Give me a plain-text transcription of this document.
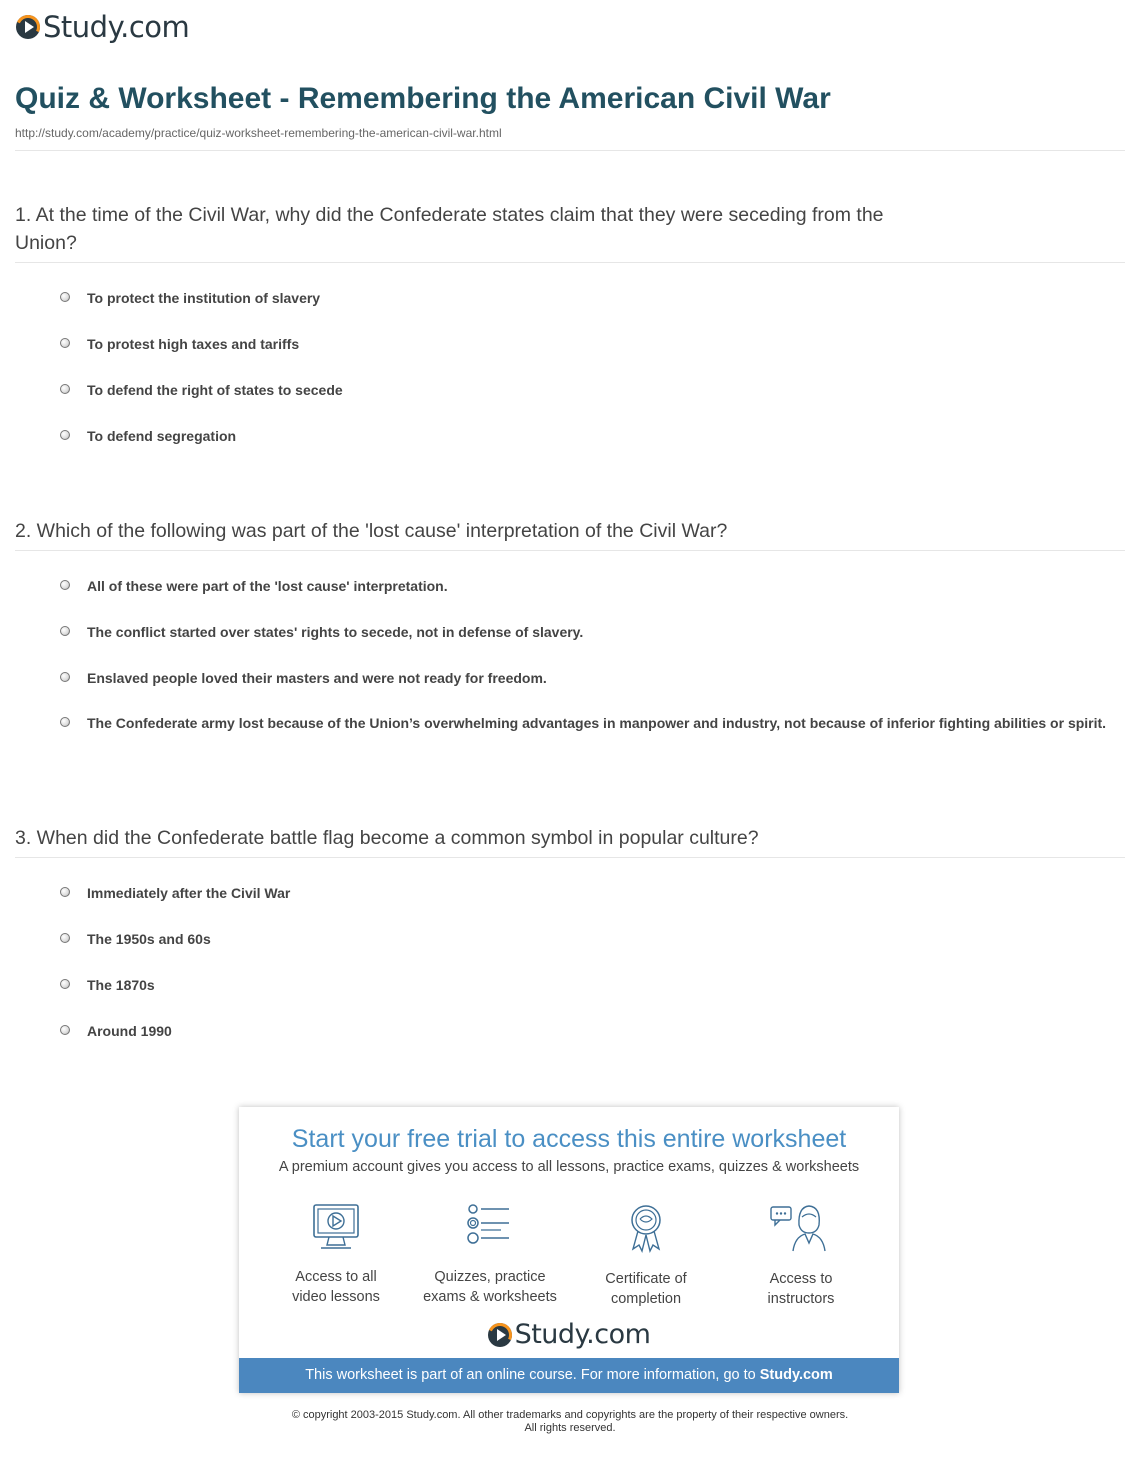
Study.com
Quiz & Worksheet - Remembering the American Civil War
http://study.com/academy/practice/quiz-worksheet-remembering-the-american-civil-war.html
1. At the time of the Civil War, why did the Confederate states claim that they were seceding from the Union?
To protect the institution of slavery
To protest high taxes and tariffs
To defend the right of states to secede
To defend segregation
2. Which of the following was part of the 'lost cause' interpretation of the Civil War?
All of these were part of the 'lost cause' interpretation.
The conflict started over states' rights to secede, not in defense of slavery.
Enslaved people loved their masters and were not ready for freedom.
The Confederate army lost because of the Union’s overwhelming advantages in manpower and industry, not because of inferior fighting abilities or spirit.
3. When did the Confederate battle flag become a common symbol in popular culture?
Immediately after the Civil War
The 1950s and 60s
The 1870s
Around 1990
Start your free trial to access this entire worksheet
A premium account gives you access to all lessons, practice exams, quizzes & worksheets
Access to all
video lessons
Quizzes, practice
exams & worksheets
Certificate of
completion
Access to
instructors
Study.com
This worksheet is part of an online course. For more information, go to Study.com
© copyright 2003-2015 Study.com. All other trademarks and copyrights are the property of their respective owners.
All rights reserved.
